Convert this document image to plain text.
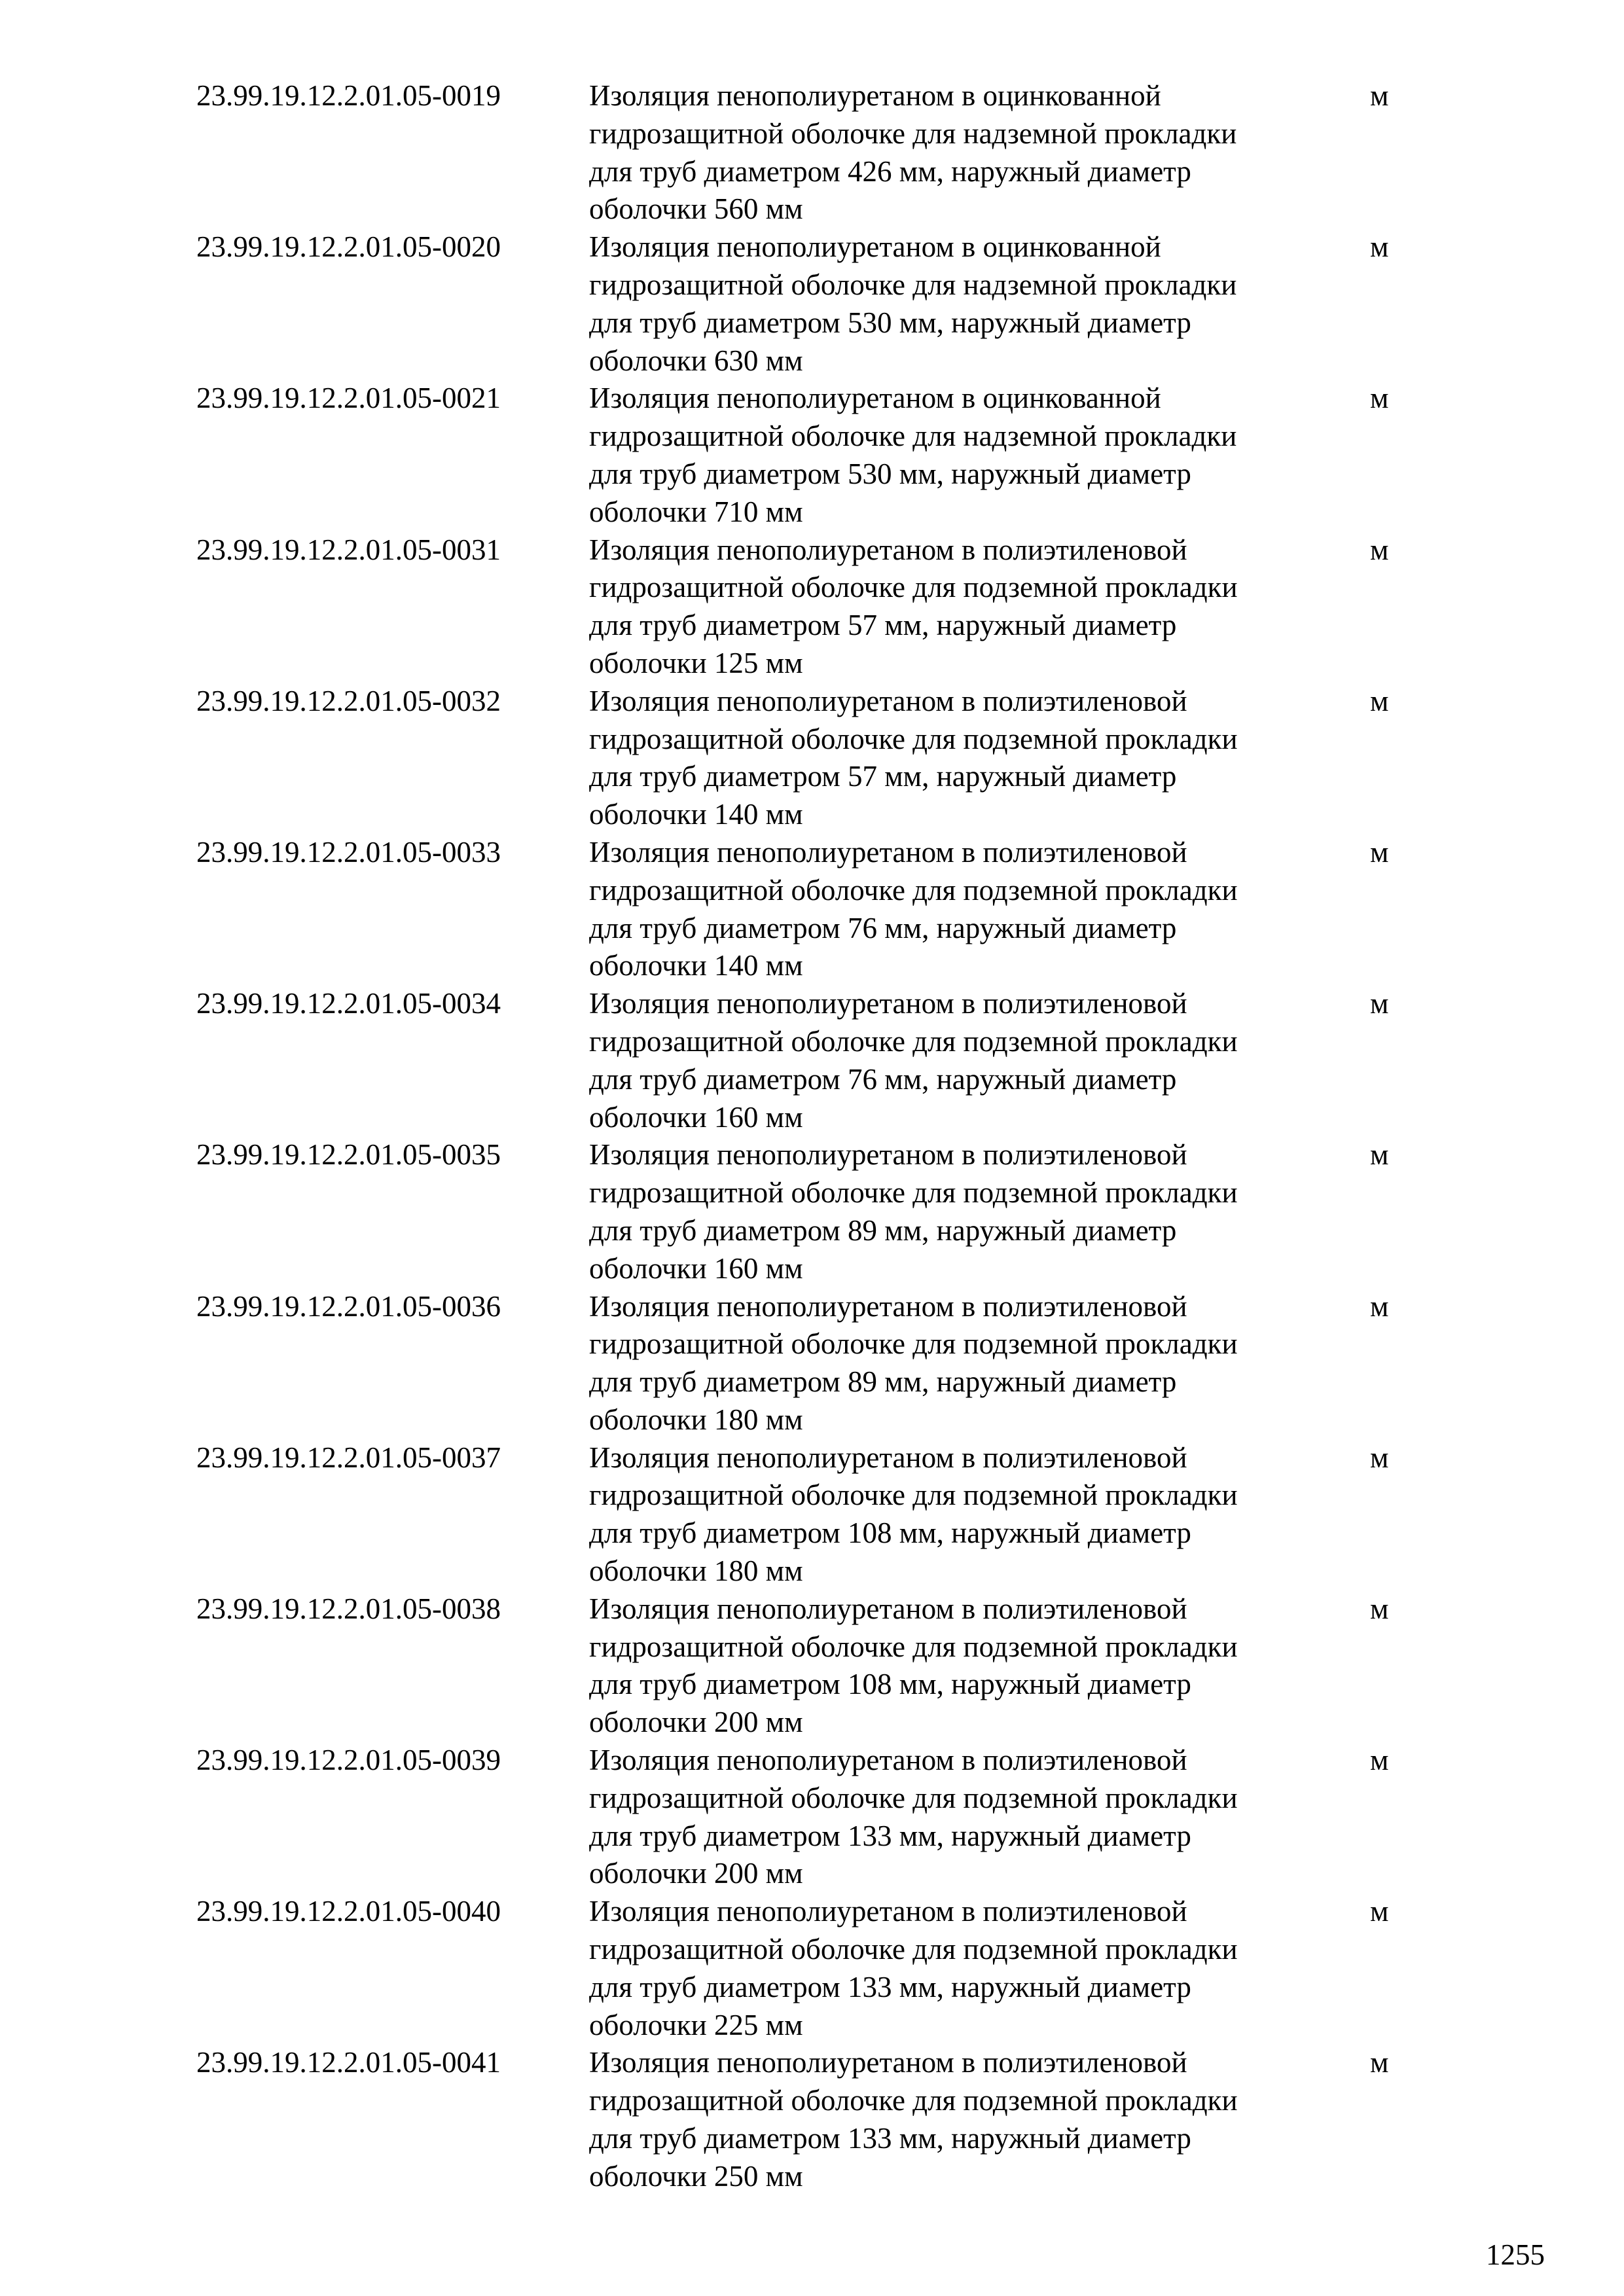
23.99.19.12.2.01.05-0019	Изоляция пенополиуретаном в оцинкованной
гидрозащитной оболочке для надземной прокладки
для труб диаметром 426 мм, наружный диаметр
оболочки 560 мм
м
23.99.19.12.2.01.05-0020	Изоляция пенополиуретаном в оцинкованной
гидрозащитной оболочке для надземной прокладки
для труб диаметром 530 мм, наружный диаметр
оболочки 630 мм
м
23.99.19.12.2.01.05-0021	Изоляция пенополиуретаном в оцинкованной
гидрозащитной оболочке для надземной прокладки
для труб диаметром 530 мм, наружный диаметр
оболочки 710 мм
м
23.99.19.12.2.01.05-0031	Изоляция пенополиуретаном в полиэтиленовой
гидрозащитной оболочке для подземной прокладки
для труб диаметром 57 мм, наружный диаметр
оболочки 125 мм
м
23.99.19.12.2.01.05-0032	Изоляция пенополиуретаном в полиэтиленовой
гидрозащитной оболочке для подземной прокладки
для труб диаметром 57 мм, наружный диаметр
оболочки 140 мм
м
23.99.19.12.2.01.05-0033	Изоляция пенополиуретаном в полиэтиленовой
гидрозащитной оболочке для подземной прокладки
для труб диаметром 76 мм, наружный диаметр
оболочки 140 мм
м
23.99.19.12.2.01.05-0034	Изоляция пенополиуретаном в полиэтиленовой
гидрозащитной оболочке для подземной прокладки
для труб диаметром 76 мм, наружный диаметр
оболочки 160 мм
м
23.99.19.12.2.01.05-0035	Изоляция пенополиуретаном в полиэтиленовой
гидрозащитной оболочке для подземной прокладки
для труб диаметром 89 мм, наружный диаметр
оболочки 160 мм
м
23.99.19.12.2.01.05-0036	Изоляция пенополиуретаном в полиэтиленовой
гидрозащитной оболочке для подземной прокладки
для труб диаметром 89 мм, наружный диаметр
оболочки 180 мм
м
23.99.19.12.2.01.05-0037	Изоляция пенополиуретаном в полиэтиленовой
гидрозащитной оболочке для подземной прокладки
для труб диаметром 108 мм, наружный диаметр
оболочки 180 мм
м
23.99.19.12.2.01.05-0038	Изоляция пенополиуретаном в полиэтиленовой
гидрозащитной оболочке для подземной прокладки
для труб диаметром 108 мм, наружный диаметр
оболочки 200 мм
м
23.99.19.12.2.01.05-0039	Изоляция пенополиуретаном в полиэтиленовой
гидрозащитной оболочке для подземной прокладки
для труб диаметром 133 мм, наружный диаметр
оболочки 200 мм
м
23.99.19.12.2.01.05-0040	Изоляция пенополиуретаном в полиэтиленовой
гидрозащитной оболочке для подземной прокладки
для труб диаметром 133 мм, наружный диаметр
оболочки 225 мм
м
23.99.19.12.2.01.05-0041	Изоляция пенополиуретаном в полиэтиленовой
гидрозащитной оболочке для подземной прокладки
для труб диаметром 133 мм, наружный диаметр
оболочки 250 мм
м
1255
